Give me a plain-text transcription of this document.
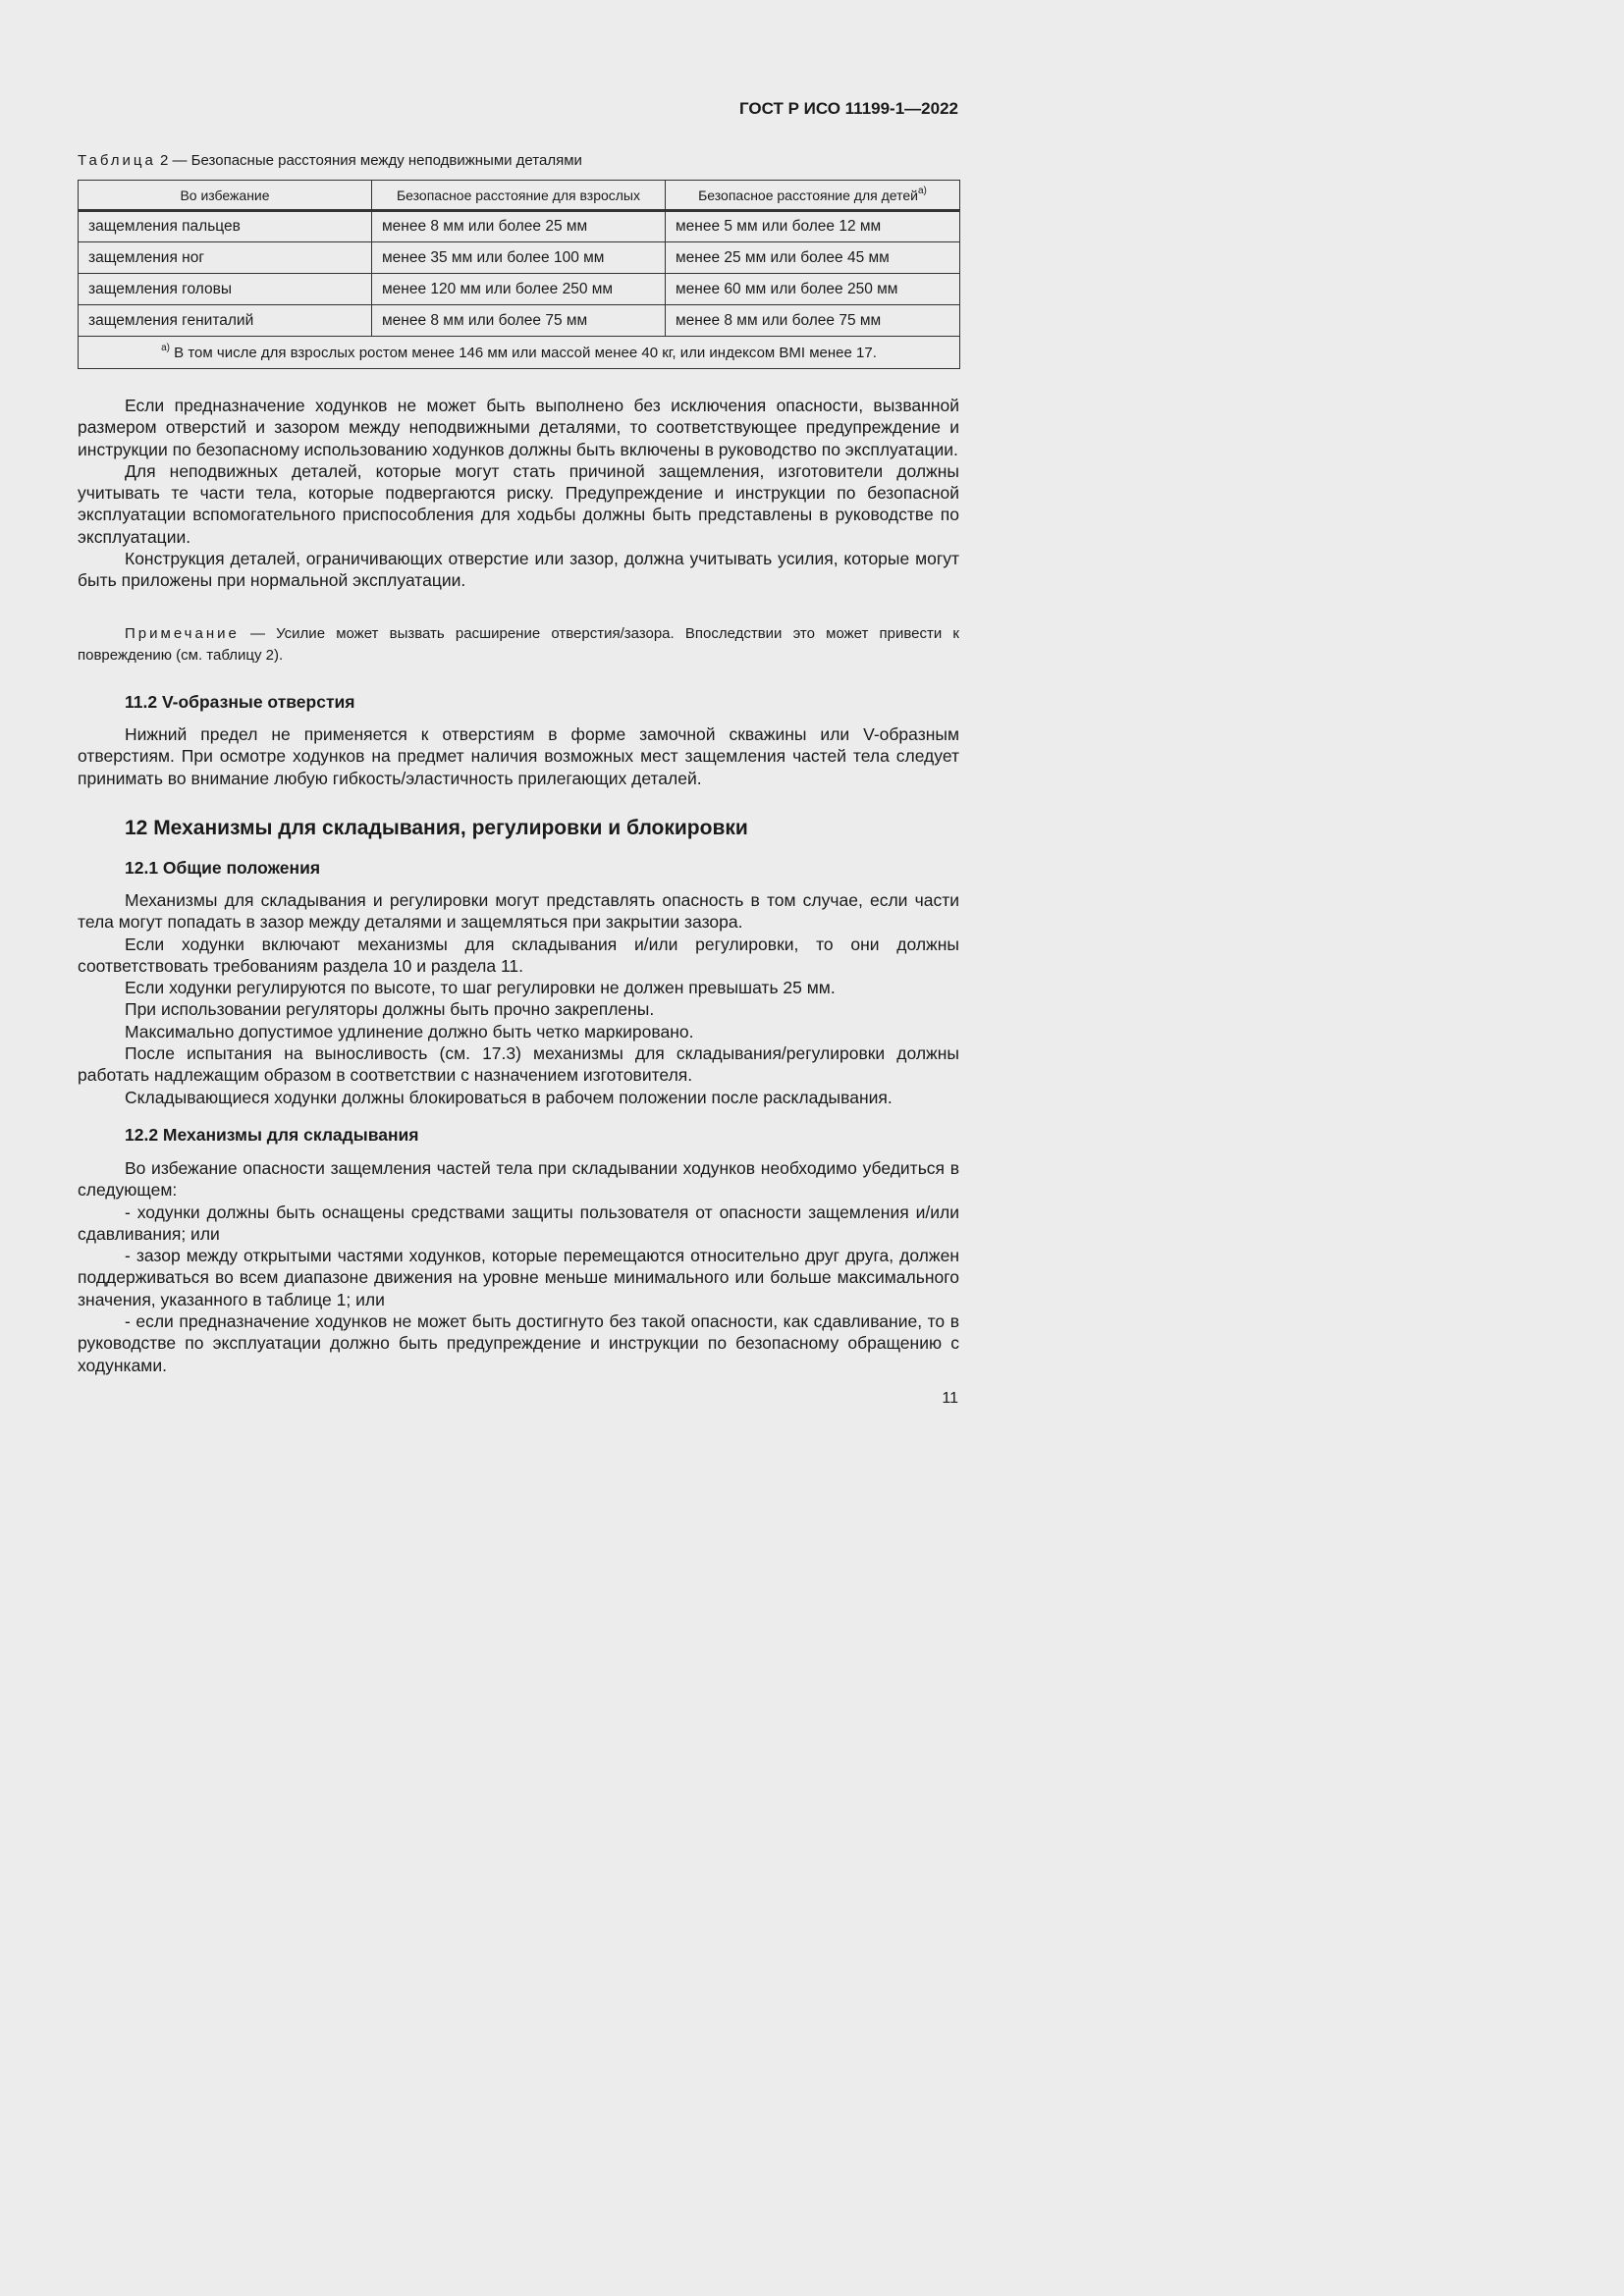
ГОСТ Р ИСО 11199-1—2022
Таблица 2 — Безопасные расстояния между неподвижными деталями
Во избежание	Безопасное расстояние для взрослых	Безопасное расстояние для детей$^{a)}$
защемления пальцев	менее 8 мм или более 25 мм	менее 5 мм или более 12 мм
защемления ног	менее 35 мм или более 100 мм	менее 25 мм или более 45 мм
защемления головы	менее 120 мм или более 250 мм	менее 60 мм или более 250 мм
защемления гениталий	менее 8 мм или более 75 мм	менее 8 мм или более 75 мм
$^{a)}$ В том числе для взрослых ростом менее 146 мм или массой менее 40 кг, или индексом BMI менее 17.		

Если предназначение ходунков не может быть выполнено без исключения опасности, вызванной размером отверстий и зазором между неподвижными деталями, то соответствующее предупреждение и инструкции по безопасному использованию ходунков должны быть включены в руководство по эксплуатации.

Для неподвижных деталей, которые могут стать причиной защемления, изготовители должны учитывать те части тела, которые подвергаются риску. Предупреждение и инструкции по безопасной эксплуатации вспомогательного приспособления для ходьбы должны быть представлены в руководстве по эксплуатации.

Конструкция деталей, ограничивающих отверстие или зазор, должна учитывать усилия, которые могут быть приложены при нормальной эксплуатации.

Примечание — Усилие может вызвать расширение отверстия/зазора. Впоследствии это может привести к повреждению (см. таблицу 2).

11.2 V-образные отверстия

Нижний предел не применяется к отверстиям в форме замочной скважины или V-образным отверстиям. При осмотре ходунков на предмет наличия возможных мест защемления частей тела следует принимать во внимание любую гибкость/эластичность прилегающих деталей.

12 Механизмы для складывания, регулировки и блокировки
12.1 Общие положения

Механизмы для складывания и регулировки могут представлять опасность в том случае, если части тела могут попадать в зазор между деталями и защемляться при закрытии зазора.

Если ходунки включают механизмы для складывания и/или регулировки, то они должны соответствовать требованиям раздела 10 и раздела 11.

Если ходунки регулируются по высоте, то шаг регулировки не должен превышать 25 мм.

При использовании регуляторы должны быть прочно закреплены.

Максимально допустимое удлинение должно быть четко маркировано.

После испытания на выносливость (см. 17.3) механизмы для складывания/регулировки должны работать надлежащим образом в соответствии с назначением изготовителя.

Складывающиеся ходунки должны блокироваться в рабочем положении после раскладывания.

12.2 Механизмы для складывания

Во избежание опасности защемления частей тела при складывании ходунков необходимо убедиться в следующем:

- ходунки должны быть оснащены средствами защиты пользователя от опасности защемления и/или сдавливания; или

- зазор между открытыми частями ходунков, которые перемещаются относительно друг друга, должен поддерживаться во всем диапазоне движения на уровне меньше минимального или больше максимального значения, указанного в таблице 1; или

- если предназначение ходунков не может быть достигнуто без такой опасности, как сдавливание, то в руководстве по эксплуатации должно быть предупреждение и инструкции по безопасному обращению с ходунками.

11
